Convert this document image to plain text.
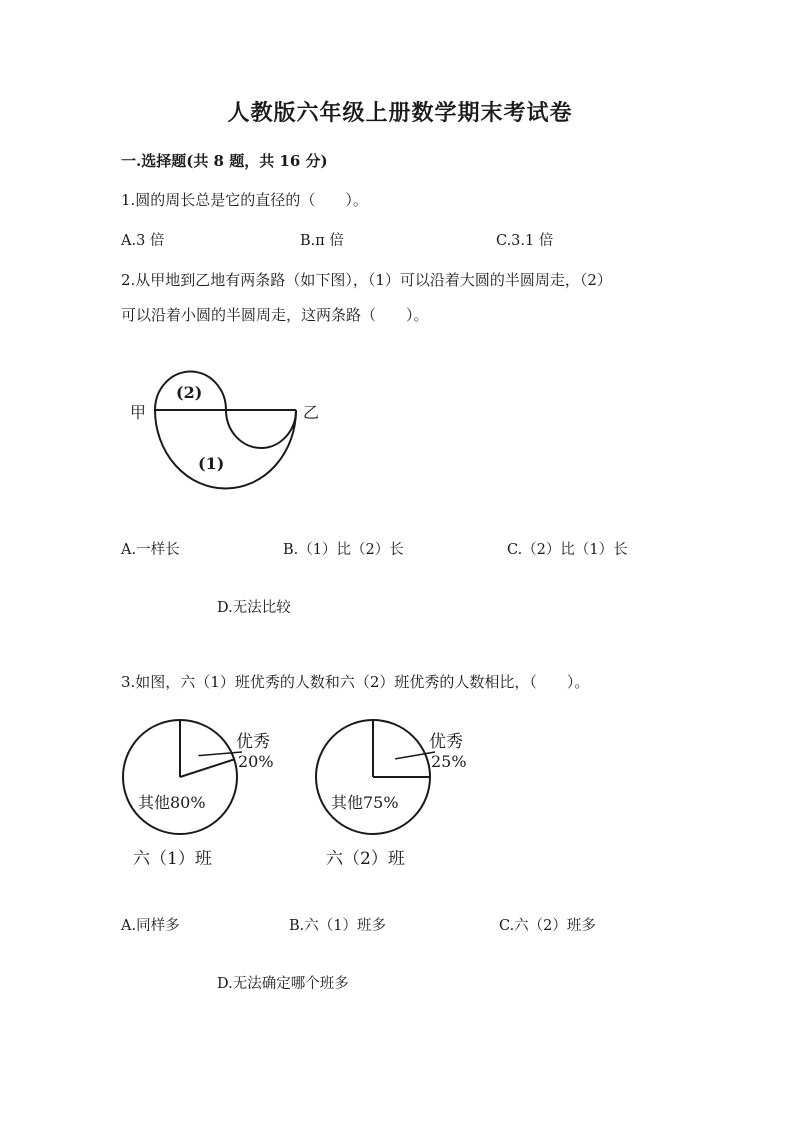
人教版六年级上册数学期末考试卷
一.选择题(共 8 题，共 16 分)
1.圆的周长总是它的直径的（　　）。
A.3 倍	B.π 倍	C.3.1 倍
2.从甲地到乙地有两条路（如下图），（1）可以沿着大圆的半圆周走，（2）
可以沿着小圆的半圆周走，这两条路（　　）。
甲	乙
(2)
(1)
A.一样长	B.（1）比（2）长	C.（2）比（1）长
D.无法比较
3.如图，六（1）班优秀的人数和六（2）班优秀的人数相比，（　　）。
优秀
20%
其他80%
六（1）班
优秀
25%
其他75%
六（2）班
A.同样多	B.六（1）班多	C.六（2）班多
D.无法确定哪个班多
